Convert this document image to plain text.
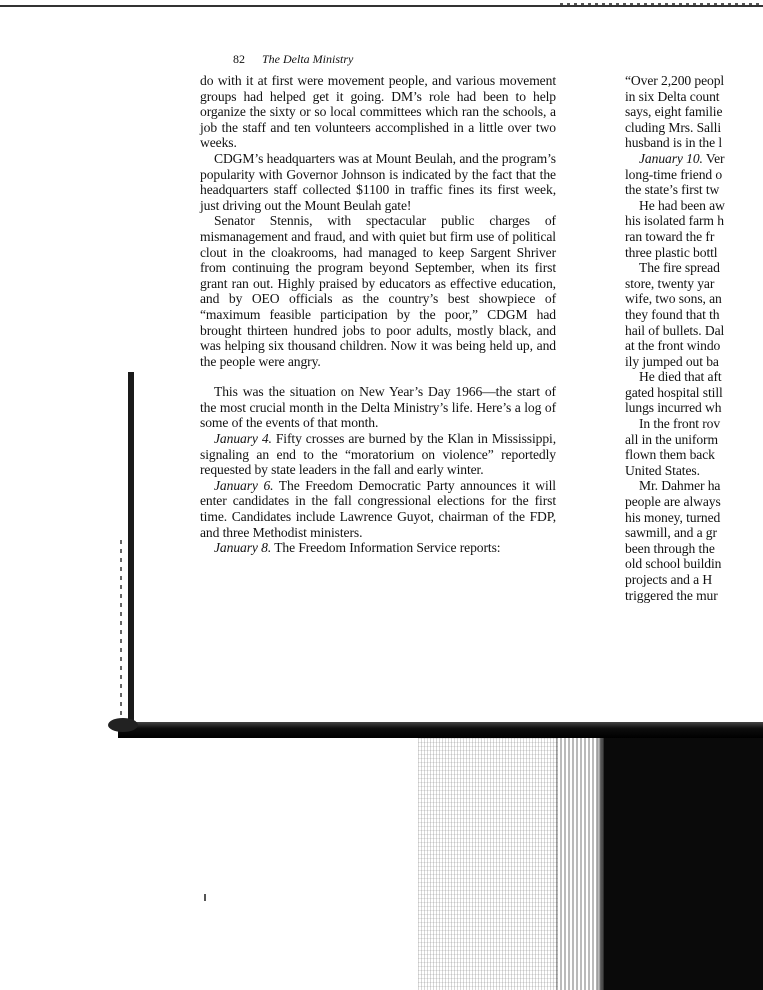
82 The Delta Ministry

do with it at first were movement people, and various movement groups had helped get it going. DM’s role had been to help organize the sixty or so local committees which ran the schools, a job the staff and ten volunteers accomplished in a little over two weeks.

CDGM’s headquarters was at Mount Beulah, and the program’s popularity with Governor Johnson is indicated by the fact that the headquarters staff collected $1100 in traffic fines its first week, just driving out the Mount Beulah gate!

Senator Stennis, with spectacular public charges of mismanagement and fraud, and with quiet but firm use of political clout in the cloakrooms, had managed to keep Sargent Shriver from continuing the program beyond September, when its first grant ran out. Highly praised by educators as effective education, and by OEO officials as the country’s best showpiece of “maximum feasible participation by the poor,” CDGM had brought thirteen hundred jobs to poor adults, mostly black, and was helping six thousand children. Now it was being held up, and the people were angry.

This was the situation on New Year’s Day 1966—the start of the most crucial month in the Delta Ministry’s life. Here’s a log of some of the events of that month.

January 4. Fifty crosses are burned by the Klan in Mississippi, signaling an end to the “moratorium on violence” reportedly requested by state leaders in the fall and early winter.

January 6. The Freedom Democratic Party announces it will enter candidates in the fall congressional elections for the first time. Candidates include Lawrence Guyot, chairman of the FDP, and three Methodist ministers.

January 8. The Freedom Information Service reports:

“Over 2,200 peopl

in six Delta count

says, eight familie

cluding Mrs. Salli

husband is in the l

January 10. Ver

long-time friend o

the state’s first tw

He had been aw

his isolated farm h

ran toward the fr

three plastic bottl

The fire spread

store, twenty yar

wife, two sons, an

they found that th

hail of bullets. Dal

at the front windo

ily jumped out ba

He died that aft

gated hospital still

lungs incurred wh

In the front rov

all in the uniform

flown them back

United States.

Mr. Dahmer ha

people are always

his money, turned

sawmill, and a gr

been through the

old school buildin

projects and a H

triggered the mur
